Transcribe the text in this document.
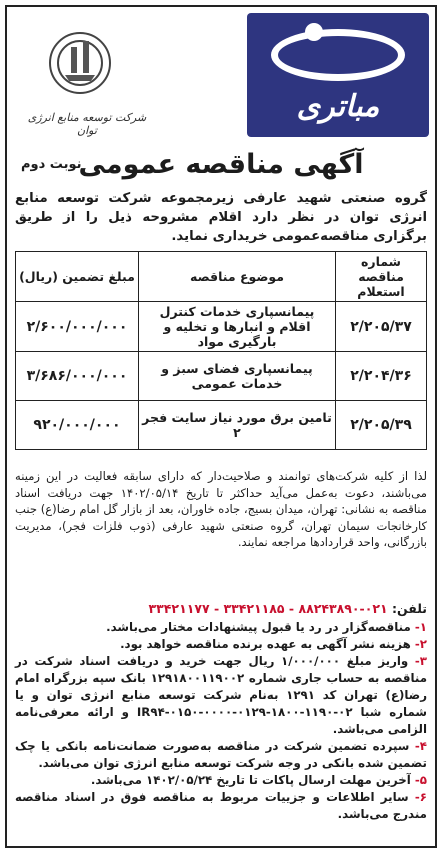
مباتری
شرکت توسعه منابع انرژی توان
نوبت دوم
آگهی مناقصه عمومی
گروه صنعتی شهید عارفی زیرمجموعه شرکت توسعه منابع انرژی توان در نظر دارد اقلام مشروحه ذیل را از طریق برگزاری مناقصه‌عمومی خریداری نماید.
شماره مناقصه استعلام	موضوع مناقصه	مبلغ تضمین (ریال)
۲/۲۰۵/۳۷	پیمانسپاری خدمات کنترل اقلام و انبارها و تخلیه و بارگیری مواد	۲/۶۰۰/۰۰۰/۰۰۰
۲/۲۰۴/۳۶	پیمانسپاری فضای سبز و خدمات عمومی	۳/۶۸۶/۰۰۰/۰۰۰
۲/۲۰۵/۳۹	تامین برق مورد نیاز سایت فجر ۲	۹۲۰/۰۰۰/۰۰۰
لذا از کلیه شرکت‌های توانمند و صلاحیت‌دار که دارای سابقه فعالیت در این زمینه می‌باشند، دعوت به‌عمل می‌آید حداکثر تا تاریخ ۱۴۰۲/۰۵/۱۴ جهت دریافت اسناد مناقصه به نشانی: تهران، میدان بسیج، جاده خاوران، بعد از بازار گل امام رضا(ع) جنب کارخانجات سیمان تهران، گروه صنعتی شهید عارفی (ذوب فلزات فجر)، مدیریت بازرگانی، واحد قراردادها مراجعه نمایند.
تلفن: ۰۲۱-۸۸۲۴۳۸۹۰ - ۳۳۴۲۱۱۸۵ - ۳۳۴۲۱۱۷۷
۱- مناقصه‌گزار در رد یا قبول پیشنهادات مختار می‌باشد.
۲- هزینه نشر آگهی به عهده برنده مناقصه خواهد بود.
۳- واریز مبلغ ۱/۰۰۰/۰۰۰ ریال جهت خرید و دریافت اسناد شرکت در مناقصه به حساب جاری شماره ۱۲۹۱۸۰۰۱۱۹۰۰۲ بانک سپه بزرگراه امام رضا(ع) تهران کد ۱۲۹۱ به‌نام شرکت توسعه منابع انرژی توان و یا شماره شبا IR۹۴-۰۱۵۰-۰۰۰۰-۰۱۲۹-۱۸۰۰-۱۱۹۰-۰۲ و ارائه معرفی‌نامه الزامی می‌باشد.
۴- سپرده تضمین شرکت در مناقصه به‌صورت ضمانت‌نامه بانکی یا چک تضمین شده بانکی در وجه شرکت توسعه منابع انرژی توان می‌باشد.
۵- آخرین مهلت ارسال پاکات تا تاریخ ۱۴۰۲/۰۵/۲۴ می‌باشد.
۶- سایر اطلاعات و جزییات مربوط به مناقصه فوق در اسناد مناقصه مندرج می‌باشد.
